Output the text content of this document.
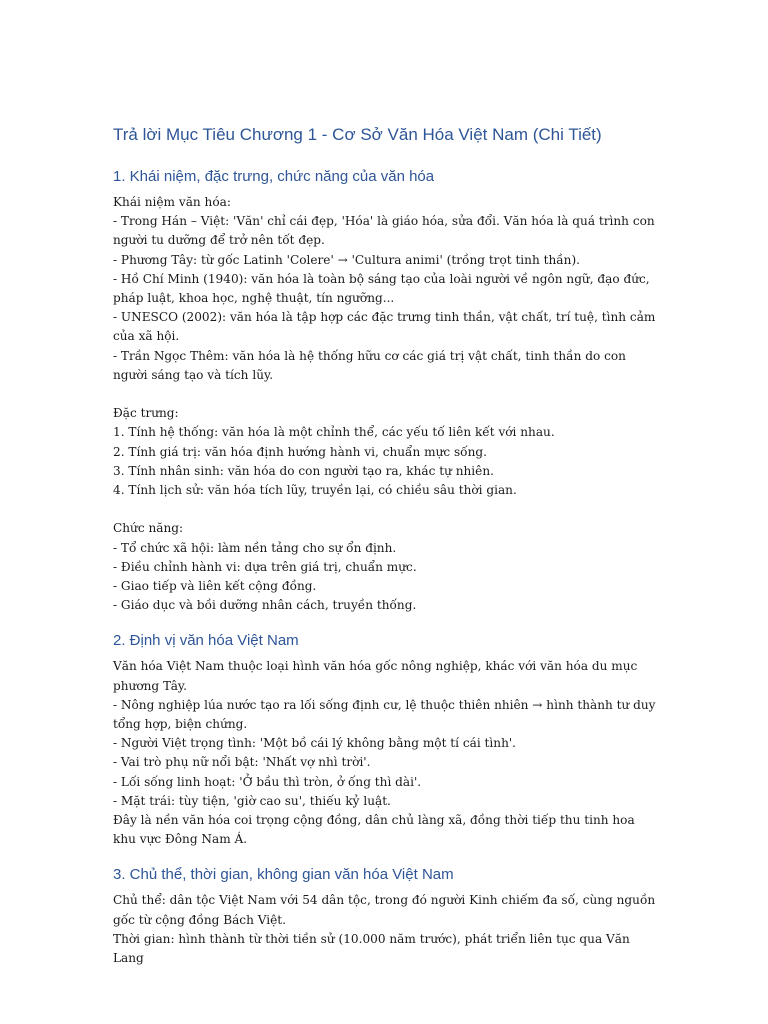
Trả lời Mục Tiêu Chương 1 - Cơ Sở Văn Hóa Việt Nam (Chi Tiết)
1. Khái niệm, đặc trưng, chức năng của văn hóa
Khái niệm văn hóa:
- Trong Hán – Việt: 'Văn' chỉ cái đẹp, 'Hóa' là giáo hóa, sửa đổi. Văn hóa là quá trình con người tu dưỡng để trở nên tốt đẹp.
- Phương Tây: từ gốc Latinh 'Colere' → 'Cultura animi' (trồng trọt tinh thần).
- Hồ Chí Minh (1940): văn hóa là toàn bộ sáng tạo của loài người về ngôn ngữ, đạo đức, pháp luật, khoa học, nghệ thuật, tín ngưỡng...
- UNESCO (2002): văn hóa là tập hợp các đặc trưng tinh thần, vật chất, trí tuệ, tình cảm của xã hội.
- Trần Ngọc Thêm: văn hóa là hệ thống hữu cơ các giá trị vật chất, tinh thần do con người sáng tạo và tích lũy.
Đặc trưng:
1. Tính hệ thống: văn hóa là một chỉnh thể, các yếu tố liên kết với nhau.
2. Tính giá trị: văn hóa định hướng hành vi, chuẩn mực sống.
3. Tính nhân sinh: văn hóa do con người tạo ra, khác tự nhiên.
4. Tính lịch sử: văn hóa tích lũy, truyền lại, có chiều sâu thời gian.
Chức năng:
- Tổ chức xã hội: làm nền tảng cho sự ổn định.
- Điều chỉnh hành vi: dựa trên giá trị, chuẩn mực.
- Giao tiếp và liên kết cộng đồng.
- Giáo dục và bồi dưỡng nhân cách, truyền thống.
2. Định vị văn hóa Việt Nam
Văn hóa Việt Nam thuộc loại hình văn hóa gốc nông nghiệp, khác với văn hóa du mục phương Tây.
- Nông nghiệp lúa nước tạo ra lối sống định cư, lệ thuộc thiên nhiên → hình thành tư duy tổng hợp, biện chứng.
- Người Việt trọng tình: 'Một bồ cái lý không bằng một tí cái tình'.
- Vai trò phụ nữ nổi bật: 'Nhất vợ nhì trời'.
- Lối sống linh hoạt: 'Ở bầu thì tròn, ở ống thì dài'.
- Mặt trái: tùy tiện, 'giờ cao su', thiếu kỷ luật.
Đây là nền văn hóa coi trọng cộng đồng, dân chủ làng xã, đồng thời tiếp thu tinh hoa khu vực Đông Nam Á.
3. Chủ thể, thời gian, không gian văn hóa Việt Nam
Chủ thể: dân tộc Việt Nam với 54 dân tộc, trong đó người Kinh chiếm đa số, cùng nguồn gốc từ cộng đồng Bách Việt.
Thời gian: hình thành từ thời tiền sử (10.000 năm trước), phát triển liên tục qua Văn Lang
